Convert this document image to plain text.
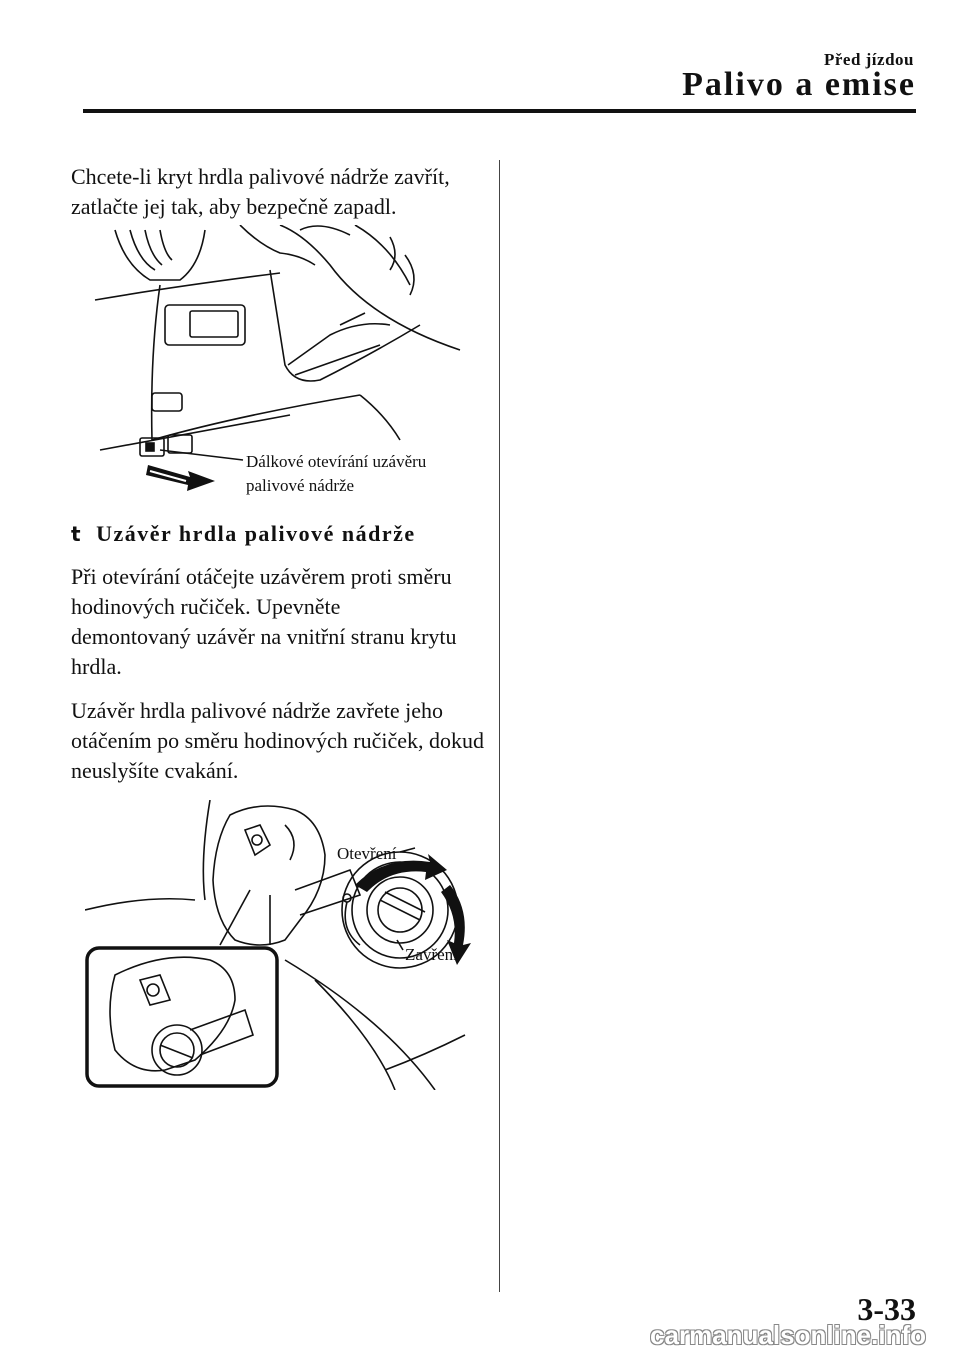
Před jízdou
Palivo a emise

Chcete-li kryt hrdla palivové nádrže zavřít, zatlačte jej tak, aby bezpečně zapadl.

Dálkové otevírání uzávěru palivové nádrže
t Uzávěr hrdla palivové nádrže

Při otevírání otáčejte uzávěrem proti směru hodinových ručiček. Upevněte demontovaný uzávěr na vnitřní stranu krytu hrdla.

Uzávěr hrdla palivové nádrže zavřete jeho otáčením po směru hodinových ručiček, dokud neuslyšíte cvakání.

Otevření
Zavření
3-33
carmanualsonline.info
